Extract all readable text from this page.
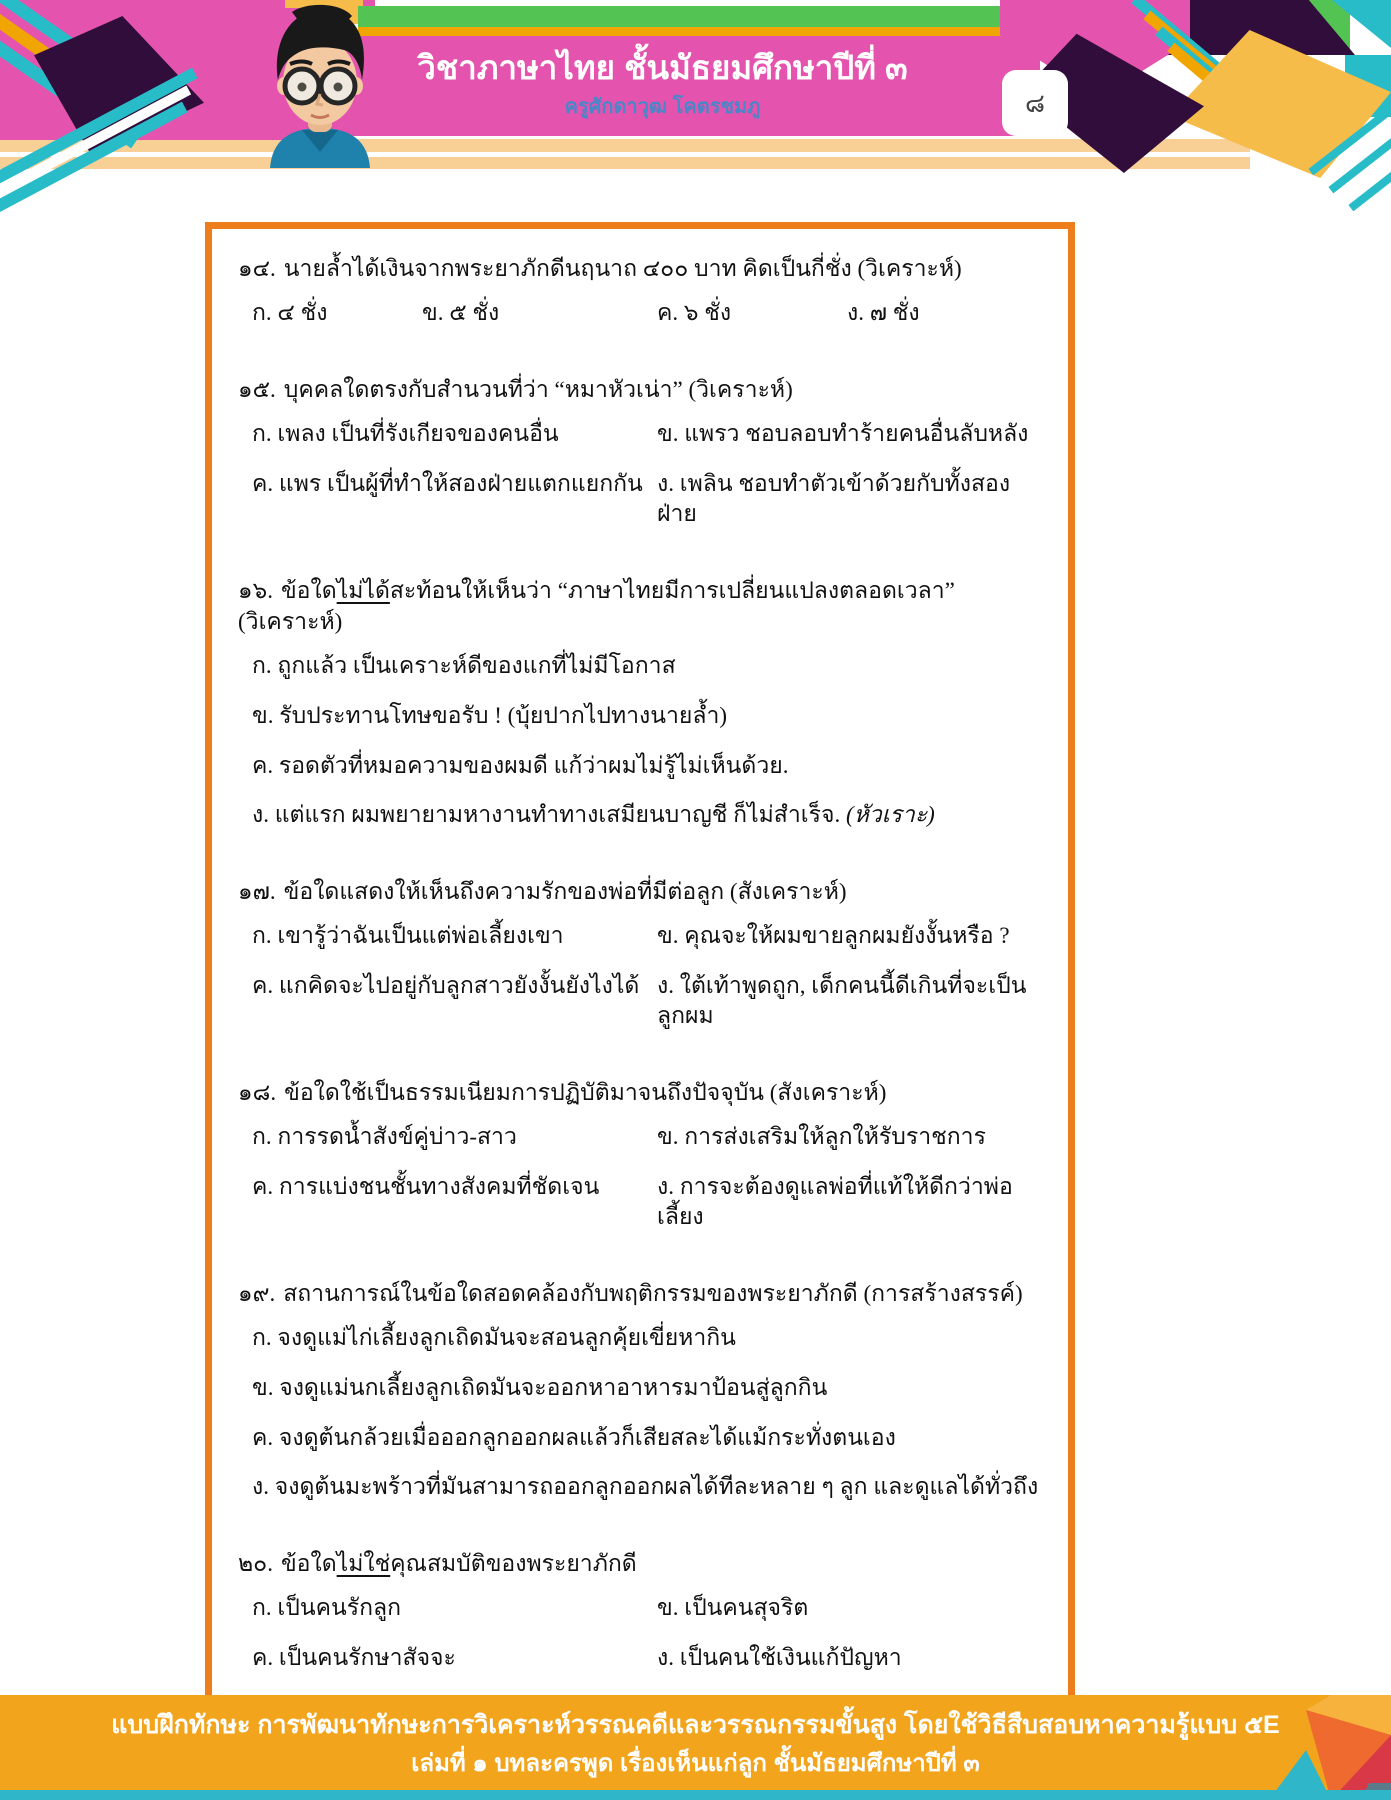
วิชาภาษาไทย ชั้นมัธยมศึกษาปีที่ ๓
ครูศักดาวุฒ โคตรชมภู	๘
๑๔. นายล้ำได้เงินจากพระยาภักดีนฤนาถ ๔๐๐ บาท คิดเป็นกี่ชั่ง (วิเคราะห์)
ก. ๔ ชั่ง	ข. ๕ ชั่ง	ค. ๖ ชั่ง	ง. ๗ ชั่ง
๑๕. บุคคลใดตรงกับสำนวนที่ว่า “หมาหัวเน่า” (วิเคราะห์)
ก. เพลง เป็นที่รังเกียจของคนอื่น	ข. แพรว ชอบลอบทำร้ายคนอื่นลับหลัง
ค. แพร เป็นผู้ที่ทำให้สองฝ่ายแตกแยกกัน ง. เพลิน ชอบทำตัวเข้าด้วยกับทั้งสองฝ่าย
๑๖. ข้อใดไม่ได้สะท้อนให้เห็นว่า “ภาษาไทยมีการเปลี่ยนแปลงตลอดเวลา” (วิเคราะห์)
ก. ถูกแล้ว เป็นเคราะห์ดีของแกที่ไม่มีโอกาส
ข. รับประทานโทษขอรับ ! (บุ้ยปากไปทางนายล้ำ)
ค. รอดตัวที่หมอความของผมดี แก้ว่าผมไม่รู้ไม่เห็นด้วย.
ง. แต่แรก ผมพยายามหางานทำทางเสมียนบาญชี ก็ไม่สำเร็จ. (หัวเราะ)
๑๗. ข้อใดแสดงให้เห็นถึงความรักของพ่อที่มีต่อลูก (สังเคราะห์)
ก. เขารู้ว่าฉันเป็นแต่พ่อเลี้ยงเขา	ข. คุณจะให้ผมขายลูกผมยังงั้นหรือ ?
ค. แกคิดจะไปอยู่กับลูกสาวยังงั้นยังไงได้ ง. ใต้เท้าพูดถูก, เด็กคนนี้ดีเกินที่จะเป็นลูกผม
๑๘. ข้อใดใช้เป็นธรรมเนียมการปฏิบัติมาจนถึงปัจจุบัน (สังเคราะห์)
ก. การรดน้ำสังข์คู่บ่าว-สาว	ข. การส่งเสริมให้ลูกให้รับราชการ
ค. การแบ่งชนชั้นทางสังคมที่ชัดเจน	ง. การจะต้องดูแลพ่อที่แท้ให้ดีกว่าพ่อเลี้ยง
๑๙. สถานการณ์ในข้อใดสอดคล้องกับพฤติกรรมของพระยาภักดี (การสร้างสรรค์)
ก. จงดูแม่ไก่เลี้ยงลูกเถิดมันจะสอนลูกคุ้ยเขี่ยหากิน
ข. จงดูแม่นกเลี้ยงลูกเถิดมันจะออกหาอาหารมาป้อนสู่ลูกกิน
ค. จงดูต้นกล้วยเมื่อออกลูกออกผลแล้วก็เสียสละได้แม้กระทั่งตนเอง
ง. จงดูต้นมะพร้าวที่มันสามารถออกลูกออกผลได้ทีละหลาย ๆ ลูก และดูแลได้ทั่วถึง
๒๐. ข้อใดไม่ใช่คุณสมบัติของพระยาภักดี
ก. เป็นคนรักลูก	ข. เป็นคนสุจริต
ค. เป็นคนรักษาสัจจะ	ง. เป็นคนใช้เงินแก้ปัญหา
แบบฝึกทักษะ การพัฒนาทักษะการวิเคราะห์วรรณคดีและวรรณกรรมขั้นสูง โดยใช้วิธีสืบสอบหาความรู้แบบ ๕E
เล่มที่ ๑ บทละครพูด เรื่องเห็นแก่ลูก ชั้นมัธยมศึกษาปีที่ ๓
